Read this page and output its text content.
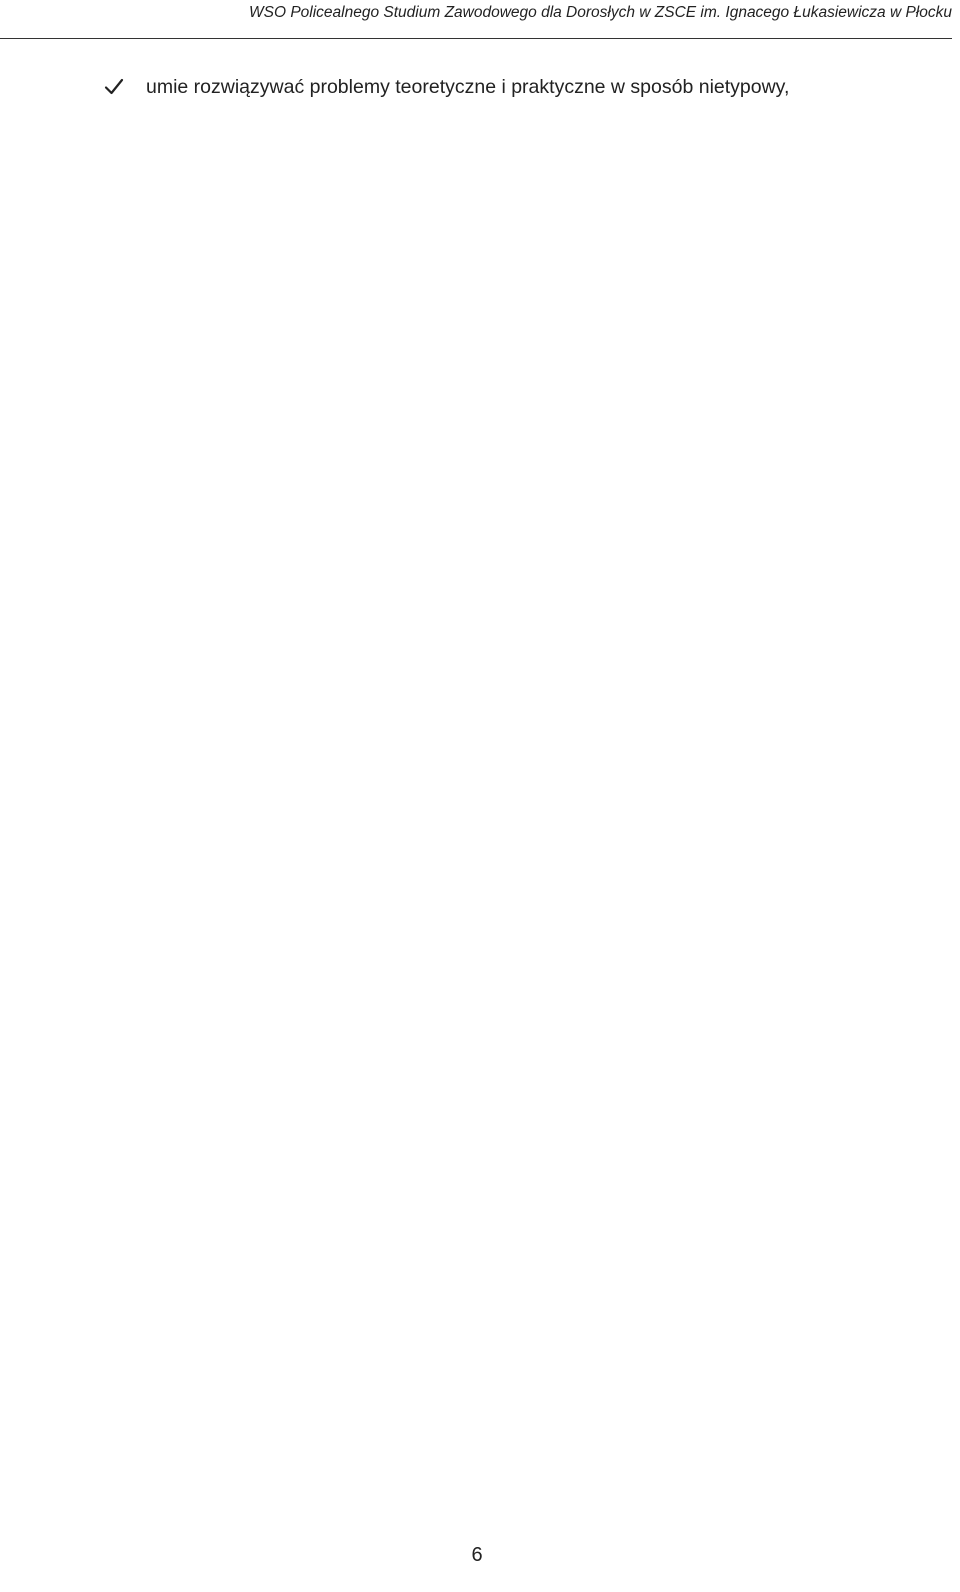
WSO Policealnego Studium Zawodowego dla Dorosłych w ZSCE im. Ignacego Łukasiewicza w Płocku
umie rozwiązywać problemy teoretyczne i praktyczne w sposób nietypowy,
6
